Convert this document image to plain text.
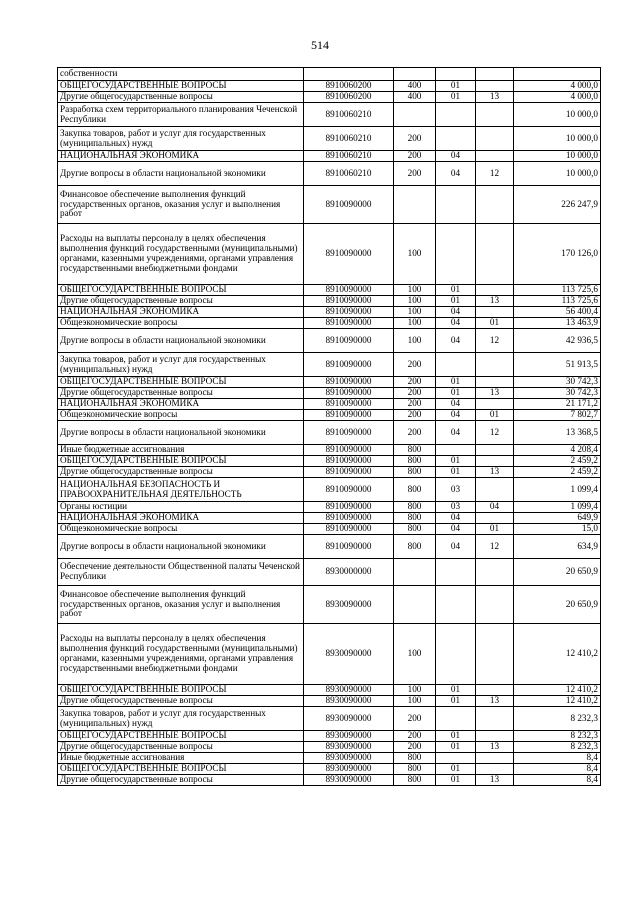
514
собственности					
ОБЩЕГОСУДАРСТВЕННЫЕ ВОПРОСЫ	8910060200	400	01		4 000,0
Другие общегосударственные вопросы	8910060200	400	01	13	4 000,0
Разработка схем территориального планирования Чеченской Республики	8910060210				10 000,0
Закупка товаров, работ и услуг для государственных (муниципальных) нужд	8910060210	200			10 000,0
НАЦИОНАЛЬНАЯ ЭКОНОМИКА	8910060210	200	04		10 000,0
Другие вопросы в области национальной экономики	8910060210	200	04	12	10 000,0
Финансовое обеспечение выполнения функций государственных органов, оказания услуг и выполнения работ	8910090000				226 247,9
Расходы на выплаты персоналу в целях обеспечения выполнения функций государственными (муниципальными) органами, казенными учреждениями, органами управления государственными внебюджетными фондами	8910090000	100			170 126,0
ОБЩЕГОСУДАРСТВЕННЫЕ ВОПРОСЫ	8910090000	100	01		113 725,6
Другие общегосударственные вопросы	8910090000	100	01	13	113 725,6
НАЦИОНАЛЬНАЯ ЭКОНОМИКА	8910090000	100	04		56 400,4
Общеэкономические вопросы	8910090000	100	04	01	13 463,9
Другие вопросы в области национальной экономики	8910090000	100	04	12	42 936,5
Закупка товаров, работ и услуг для государственных (муниципальных) нужд	8910090000	200			51 913,5
ОБЩЕГОСУДАРСТВЕННЫЕ ВОПРОСЫ	8910090000	200	01		30 742,3
Другие общегосударственные вопросы	8910090000	200	01	13	30 742,3
НАЦИОНАЛЬНАЯ ЭКОНОМИКА	8910090000	200	04		21 171,2
Общеэкономические вопросы	8910090000	200	04	01	7 802,7
Другие вопросы в области национальной экономики	8910090000	200	04	12	13 368,5
Иные бюджетные ассигнования	8910090000	800			4 208,4
ОБЩЕГОСУДАРСТВЕННЫЕ ВОПРОСЫ	8910090000	800	01		2 459,2
Другие общегосударственные вопросы	8910090000	800	01	13	2 459,2
НАЦИОНАЛЬНАЯ БЕЗОПАСНОСТЬ И ПРАВООХРАНИТЕЛЬНАЯ ДЕЯТЕЛЬНОСТЬ	8910090000	800	03		1 099,4
Органы юстиции	8910090000	800	03	04	1 099,4
НАЦИОНАЛЬНАЯ ЭКОНОМИКА	8910090000	800	04		649,9
Общеэкономические вопросы	8910090000	800	04	01	15,0
Другие вопросы в области национальной экономики	8910090000	800	04	12	634,9
Обеспечение деятельности Общественной палаты Чеченской Республики	8930000000				20 650,9
Финансовое обеспечение выполнения функций государственных органов, оказания услуг и выполнения работ	8930090000				20 650,9
Расходы на выплаты персоналу в целях обеспечения выполнения функций государственными (муниципальными) органами, казенными учреждениями, органами управления государственными внебюджетными фондами	8930090000	100			12 410,2
ОБЩЕГОСУДАРСТВЕННЫЕ ВОПРОСЫ	8930090000	100	01		12 410,2
Другие общегосударственные вопросы	8930090000	100	01	13	12 410,2
Закупка товаров, работ и услуг для государственных (муниципальных) нужд	8930090000	200			8 232,3
ОБЩЕГОСУДАРСТВЕННЫЕ ВОПРОСЫ	8930090000	200	01		8 232,3
Другие общегосударственные вопросы	8930090000	200	01	13	8 232,3
Иные бюджетные ассигнования	8930090000	800			8,4
ОБЩЕГОСУДАРСТВЕННЫЕ ВОПРОСЫ	8930090000	800	01		8,4
Другие общегосударственные вопросы	8930090000	800	01	13	8,4
